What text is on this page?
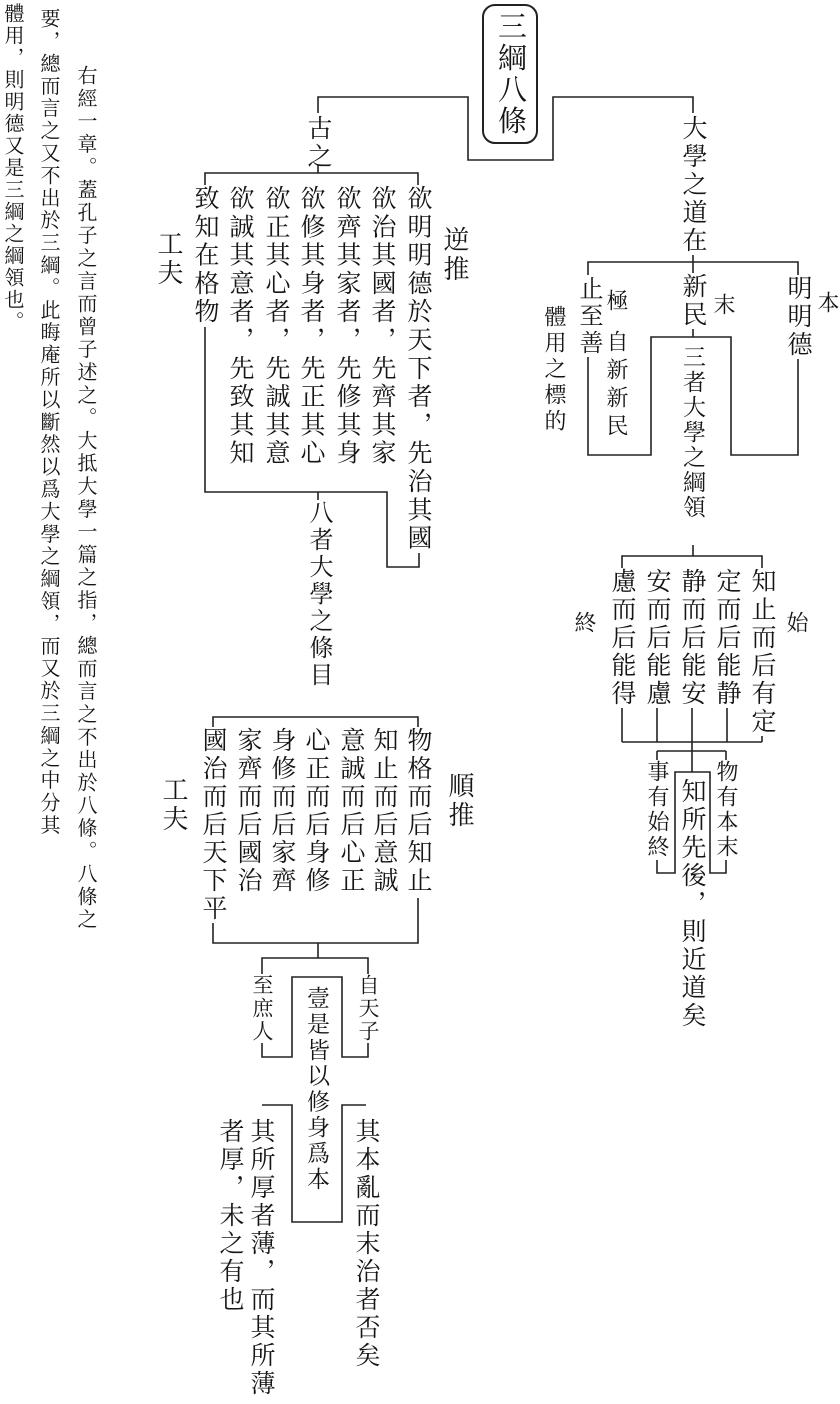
三綱八條
右經一章。蓋孔子之言而曾子述之。大抵大學一篇之指，總而言之不出於八條。八條之
要，總而言之又不出於三綱。此晦庵所以斷然以爲大學之綱領，而又於三綱之中分其
體用，則明德又是三綱之綱領也。	大學之道在
明明德
新民
止至善	本
末
極
自新新民
體用之標的	三者大學之綱領
知止而后有定
定而后能静
静而后能安
安而后能慮
慮而后能得	始
終
物有本末
事有始終 知所先後，
則近道矣
古之
逆推
工夫	欲明明德於天下者，先治其國
欲治其國者，先齊其家
欲齊其家者，先修其身
欲修其身者，先正其心
欲正其心者，先誠其意
欲誠其意者，先致其知
致知在格物
八者大學之條目
順推
工夫	物格而后知止
知止而后意誠
意誠而后心正
心正而后身修
身修而后家齊
家齊而后國治
國治而后天下平
自天子
至庶人 壹是皆以修身爲本
其本亂而末治者否矣
其所厚者薄，而其所薄
者厚，未之有也
